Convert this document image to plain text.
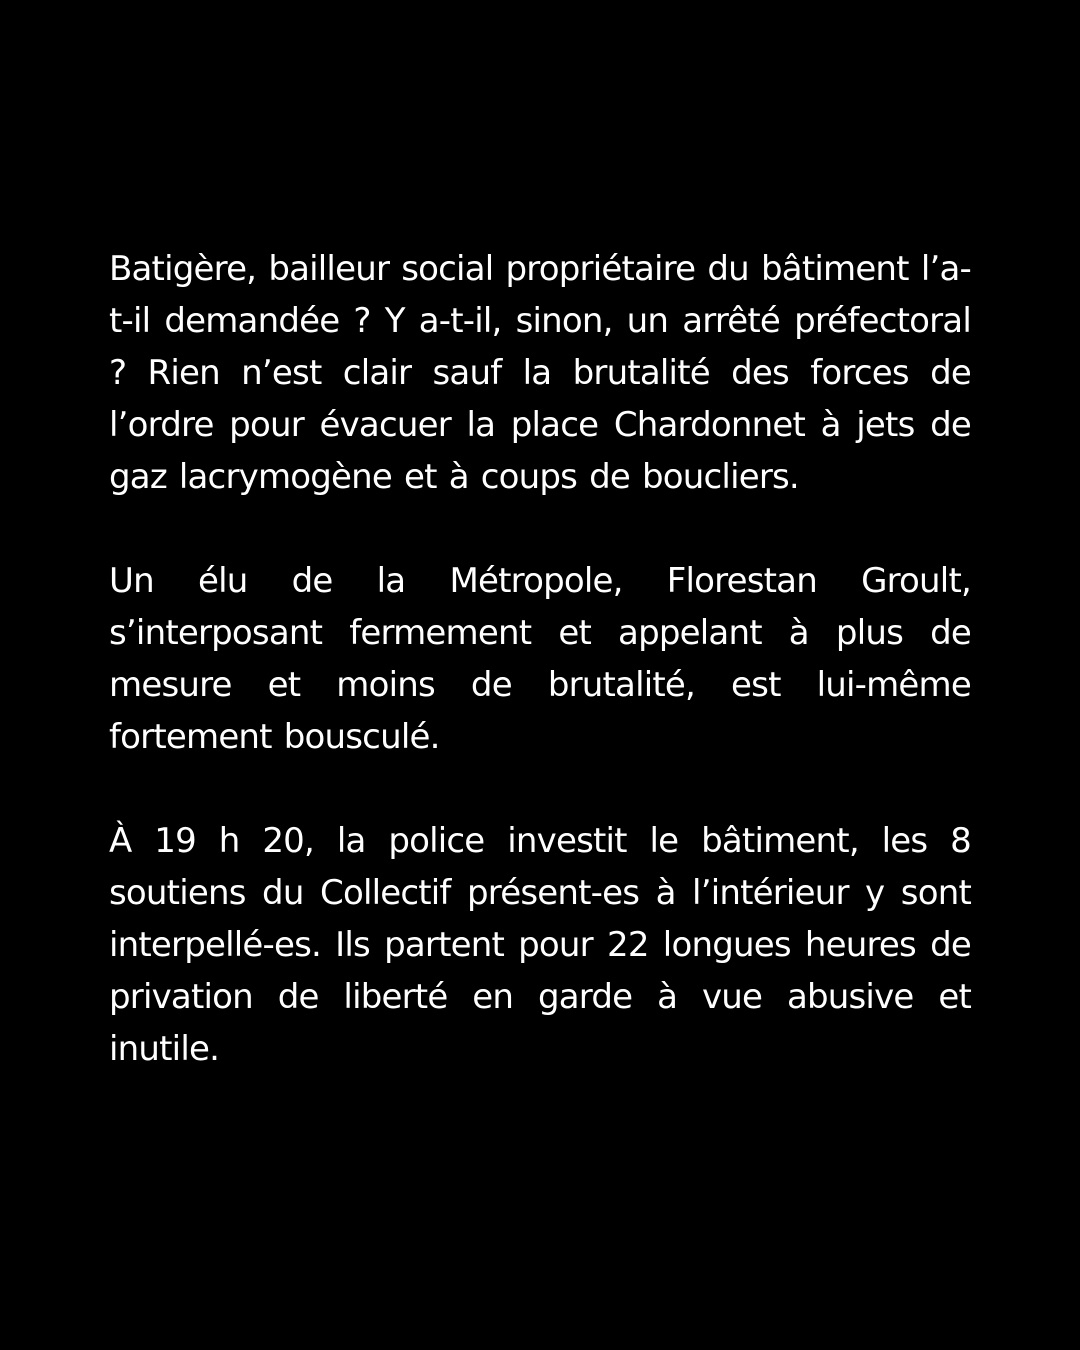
Batigère, bailleur social propriétaire du bâtiment l’a-t-il demandée ? Y a-t-il, sinon, un arrêté préfectoral ? Rien n’est clair sauf la brutalité des forces de l’ordre pour évacuer la place Chardonnet à jets de gaz lacrymogène et à coups de boucliers.

Un élu de la Métropole, Florestan Groult, s’interposant fermement et appelant à plus de mesure et moins de brutalité, est lui-même fortement bousculé.

À 19 h 20, la police investit le bâtiment, les 8 soutiens du Collectif présent-es à l’intérieur y sont interpellé-es. Ils partent pour 22 longues heures de privation de liberté en garde à vue abusive et inutile.
